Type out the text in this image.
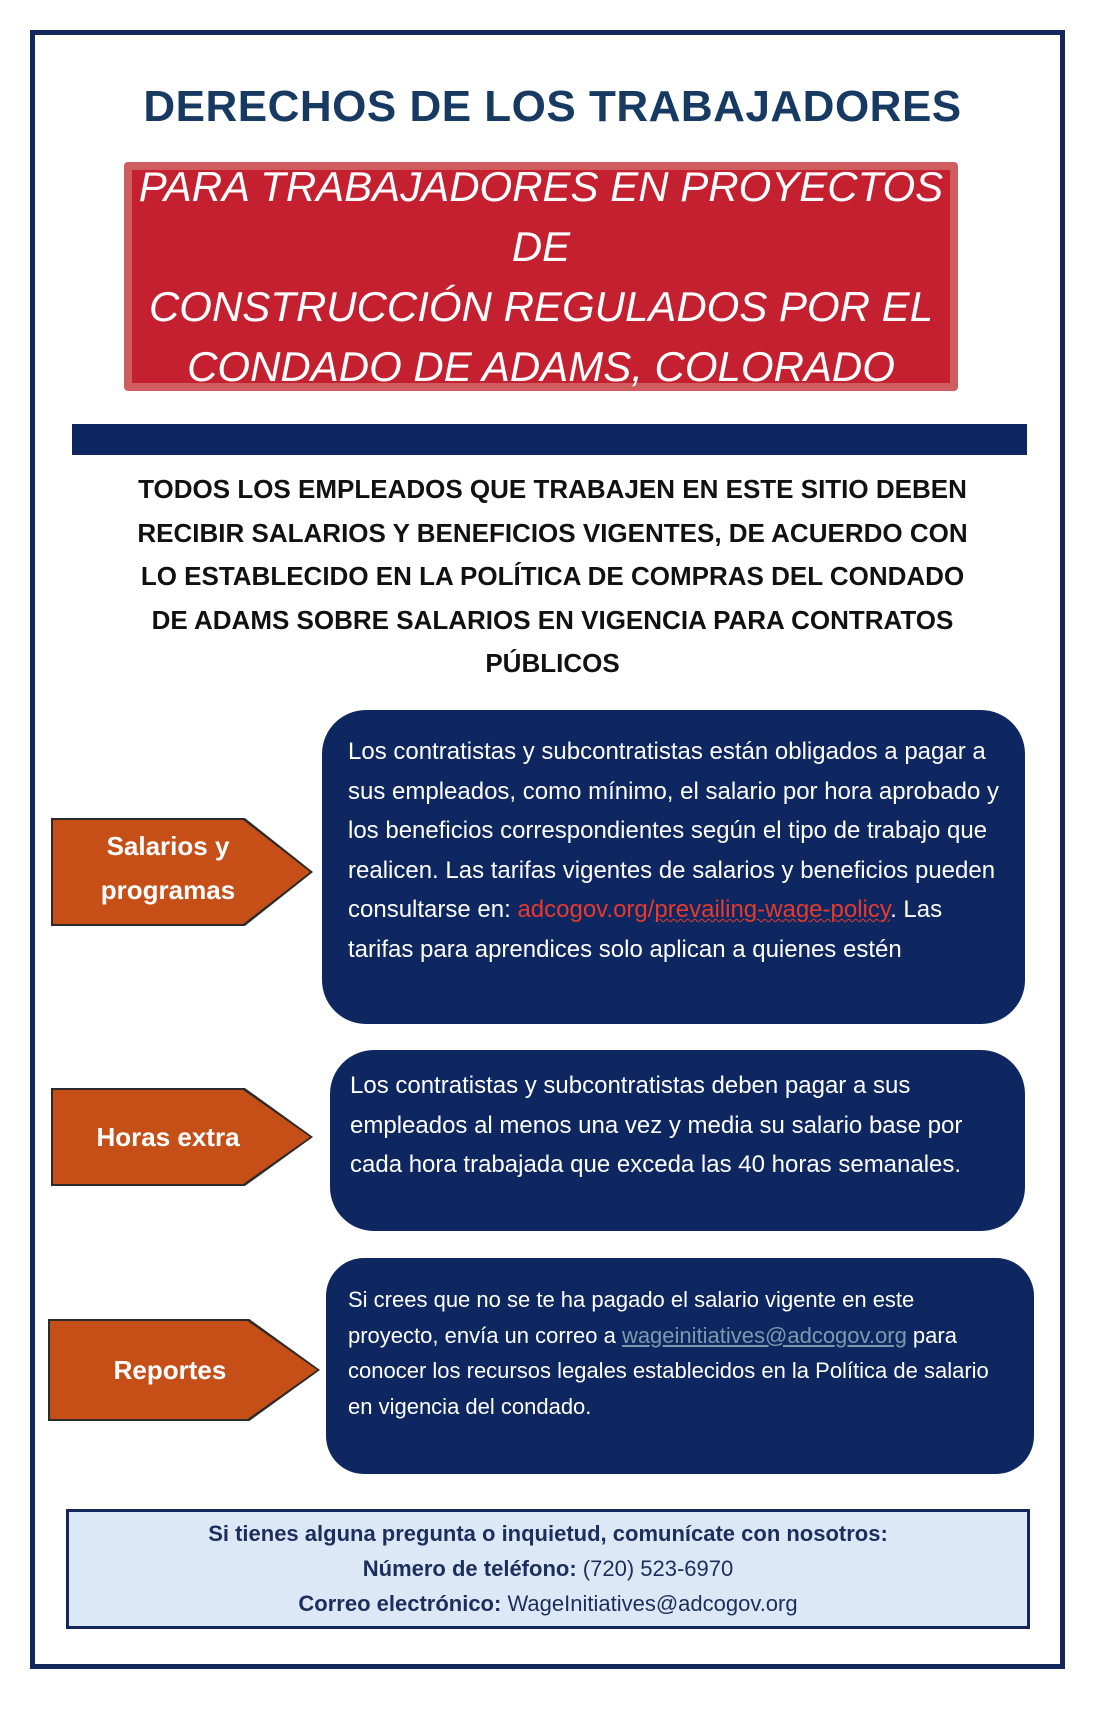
DERECHOS DE LOS TRABAJADORES

PARA TRABAJADORES EN PROYECTOS DE
CONSTRUCCIÓN REGULADOS POR EL
CONDADO DE ADAMS, COLORADO

TODOS LOS EMPLEADOS QUE TRABAJEN EN ESTE SITIO DEBEN RECIBIR SALARIOS Y BENEFICIOS VIGENTES, DE ACUERDO CON LO ESTABLECIDO EN LA POLÍTICA DE COMPRAS DEL CONDADO DE ADAMS SOBRE SALARIOS EN VIGENCIA PARA CONTRATOS PÚBLICOS

Salarios y
programas

Los contratistas y subcontratistas están obligados a pagar a sus empleados, como mínimo, el salario por hora aprobado y los beneficios correspondientes según el tipo de trabajo que realicen. Las tarifas vigentes de salarios y beneficios pueden consultarse en: adcogov.org/prevailing-wage-policy. Las tarifas para aprendices solo aplican a quienes estén

Horas extra

Los contratistas y subcontratistas deben pagar a sus empleados al menos una vez y media su salario base por cada hora trabajada que exceda las 40 horas semanales.

Reportes

Si crees que no se te ha pagado el salario vigente en este proyecto, envía un correo a wageinitiatives@adcogov.org para conocer los recursos legales establecidos en la Política de salario en vigencia del condado.

Si tienes alguna pregunta o inquietud, comunícate con nosotros:

Número de teléfono: (720) 523-6970

Correo electrónico: WageInitiatives@adcogov.org
